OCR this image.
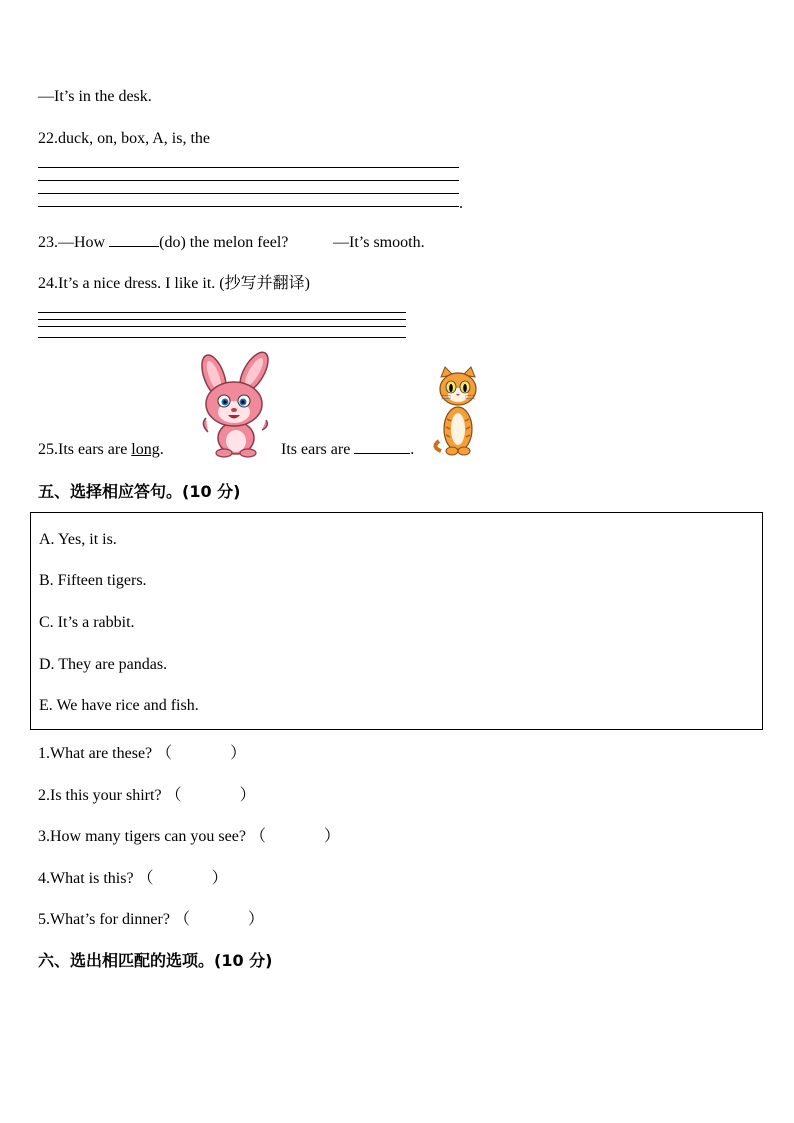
—It’s in the desk.
22.duck, on, box, A, is, the
.
23.—How	(do) the melon feel?	—It’s smooth.
24.It’s a nice dress. I like it. (抄写并翻译)
25.Its ears are long.	Its ears are	.
五、选择相应答句。(10 分)
A. Yes, it is.
B. Fifteen tigers.
C. It’s a rabbit.
D. They are pandas.
E. We have rice and fish.
1.What are these? （	）
2.Is this your shirt? （	）
3.How many tigers can you see? （	）
4.What is this? （	）
5.What’s for dinner? （	）
六、选出相匹配的选项。(10 分)
